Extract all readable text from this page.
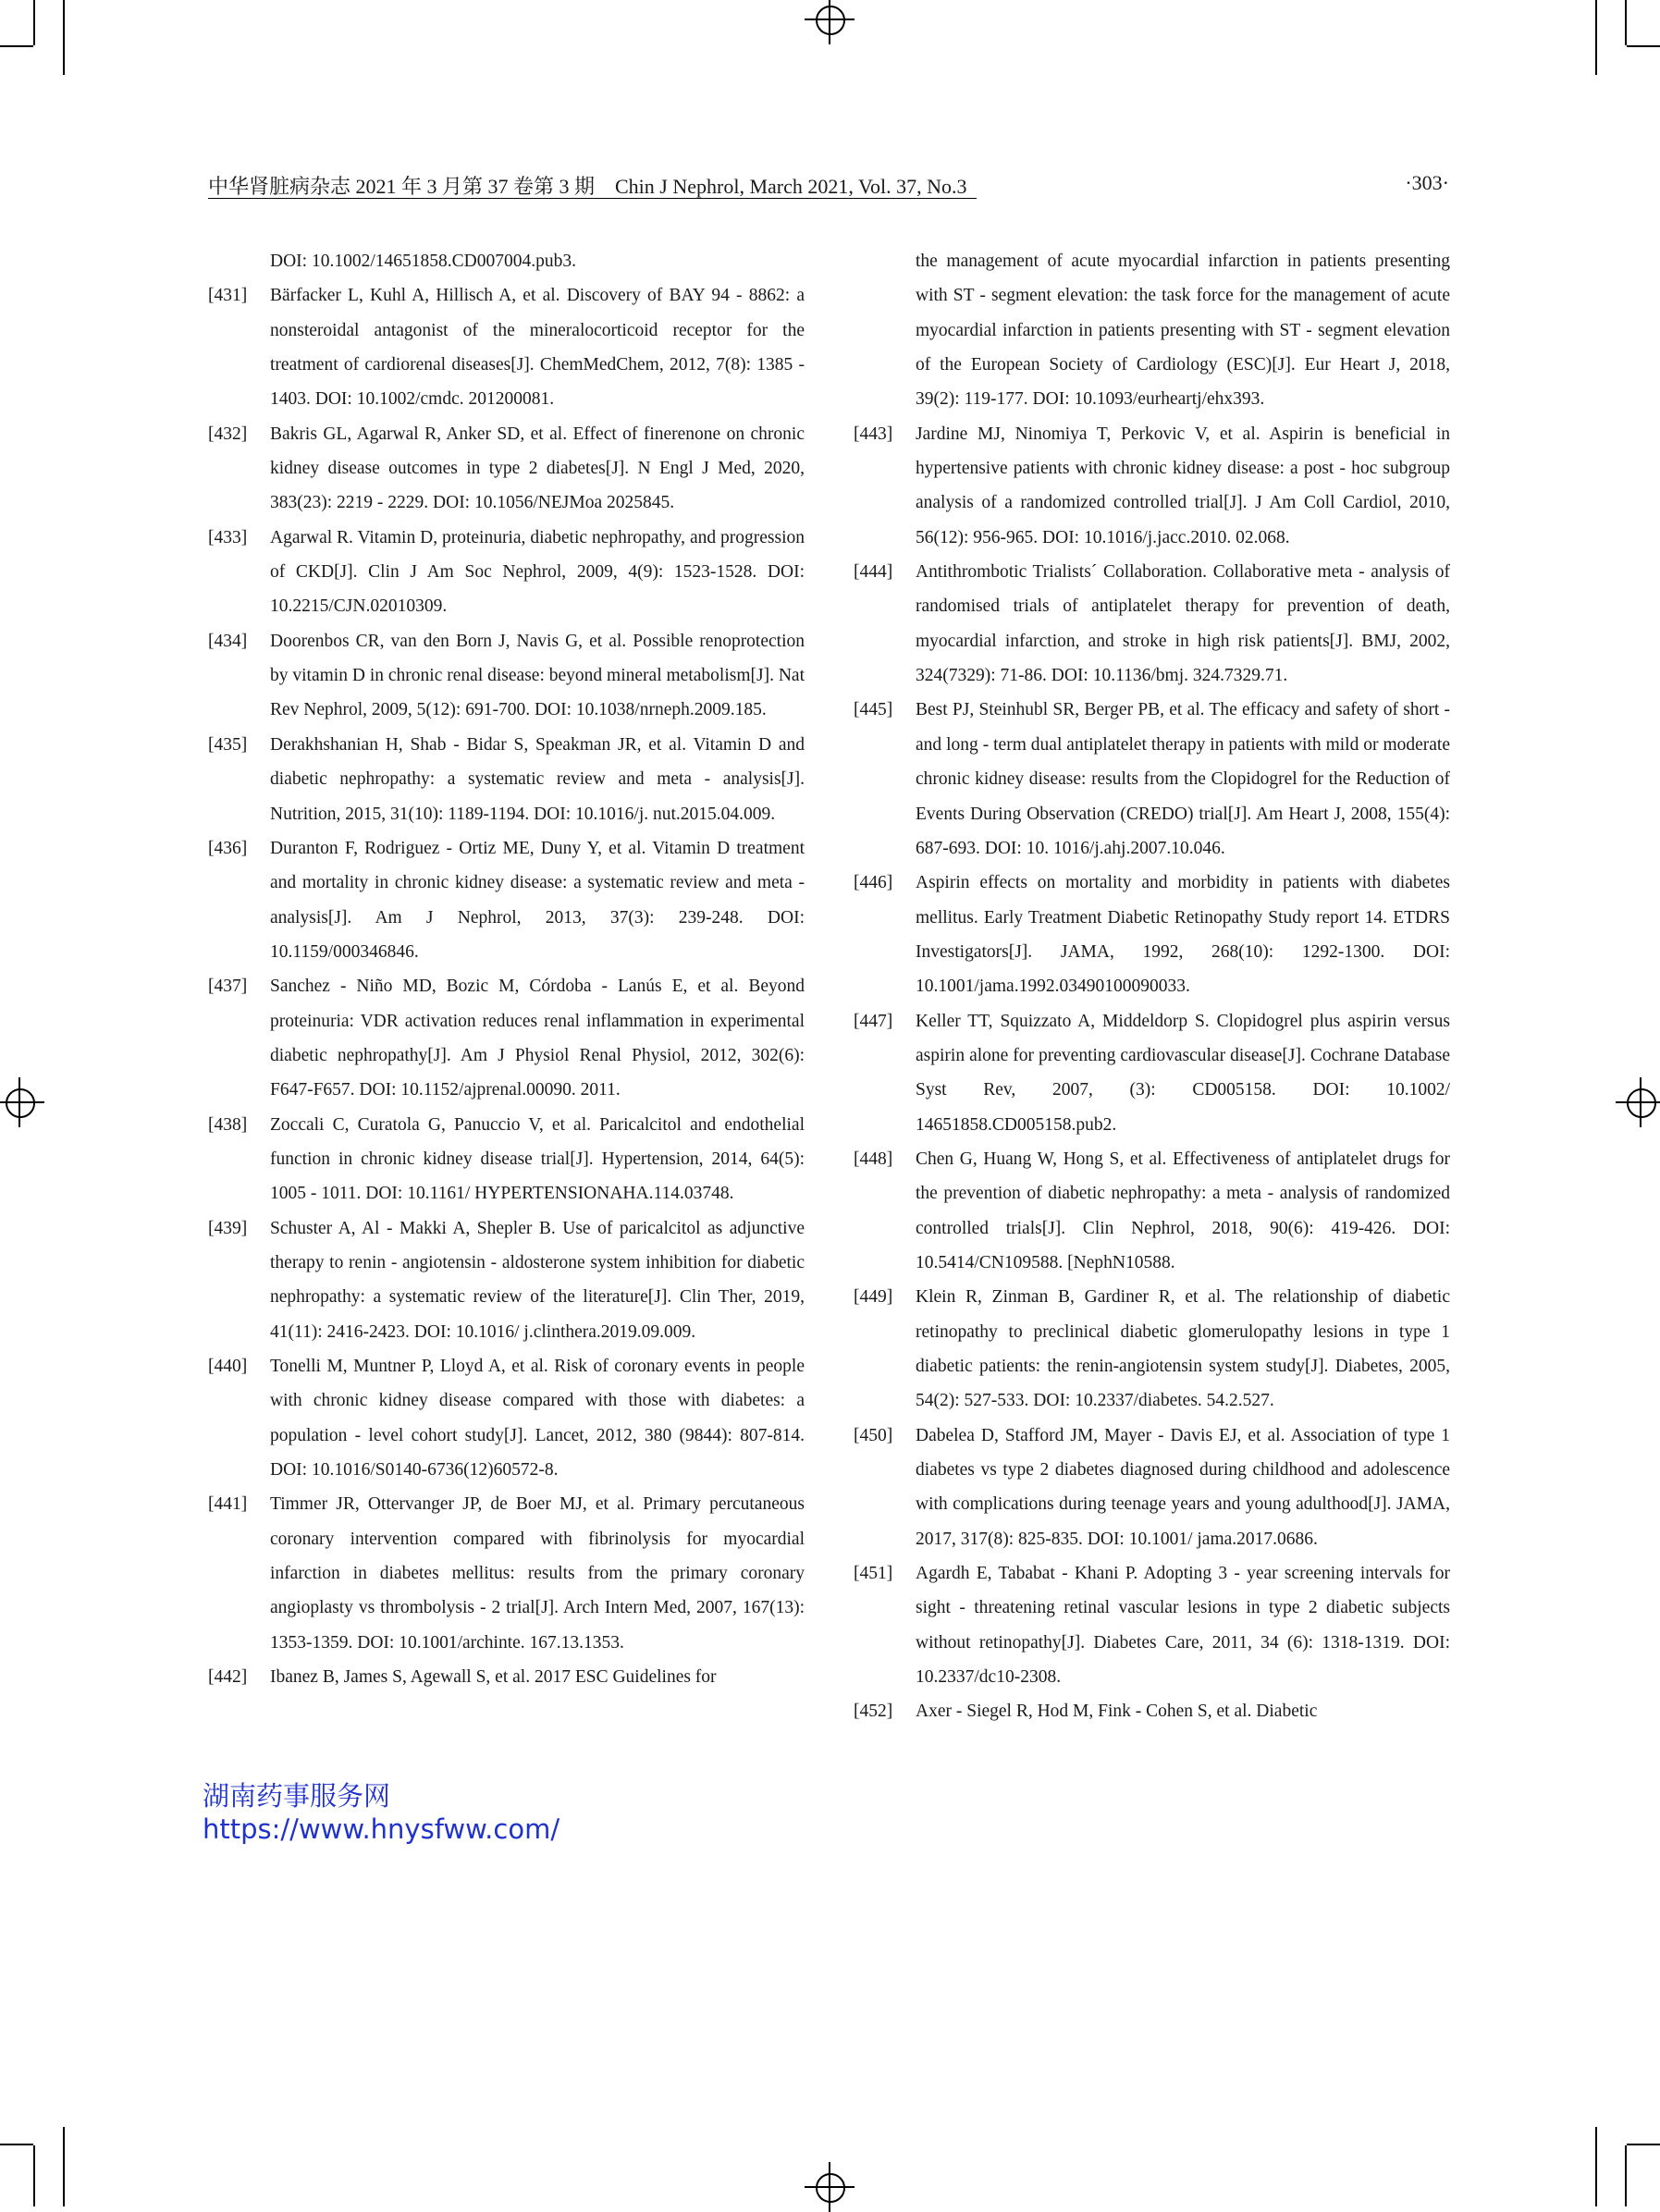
中华肾脏病杂志 2021 年 3 月第 37 卷第 3 期　Chin J Nephrol, March 2021, Vol. 37, No.3	·303·
DOI: 10.1002/14651858.CD007004.pub3.
[431] Bärfacker L, Kuhl A, Hillisch A, et al. Discovery of BAY 94 - 8862: a nonsteroidal antagonist of the mineralocorticoid receptor for the treatment of cardiorenal diseases[J]. ChemMedChem, 2012, 7(8): 1385 - 1403. DOI: 10.1002/cmdc. 201200081.
[432] Bakris GL, Agarwal R, Anker SD, et al. Effect of finerenone on chronic kidney disease outcomes in type 2 diabetes[J]. N Engl J Med, 2020, 383(23): 2219 - 2229. DOI: 10.1056/NEJMoa 2025845.
[433] Agarwal R. Vitamin D, proteinuria, diabetic nephropathy, and progression of CKD[J]. Clin J Am Soc Nephrol, 2009, 4(9): 1523-1528. DOI: 10.2215/CJN.02010309.
[434] Doorenbos CR, van den Born J, Navis G, et al. Possible renoprotection by vitamin D in chronic renal disease: beyond mineral metabolism[J]. Nat Rev Nephrol, 2009, 5(12): 691-700. DOI: 10.1038/nrneph.2009.185.
[435] Derakhshanian H, Shab - Bidar S, Speakman JR, et al. Vitamin D and diabetic nephropathy: a systematic review and meta - analysis[J]. Nutrition, 2015, 31(10): 1189-1194. DOI: 10.1016/j. nut.2015.04.009.
[436] Duranton F, Rodriguez - Ortiz ME, Duny Y, et al. Vitamin D treatment and mortality in chronic kidney disease: a systematic review and meta - analysis[J]. Am J Nephrol, 2013, 37(3): 239-248. DOI: 10.1159/000346846.
[437] Sanchez - Niño MD, Bozic M, Córdoba - Lanús E, et al. Beyond proteinuria: VDR activation reduces renal inflammation in experimental diabetic nephropathy[J]. Am J Physiol Renal Physiol, 2012, 302(6): F647-F657. DOI: 10.1152/ajprenal.00090. 2011.
[438] Zoccali C, Curatola G, Panuccio V, et al. Paricalcitol and endothelial function in chronic kidney disease trial[J]. Hypertension, 2014, 64(5): 1005 - 1011. DOI: 10.1161/ HYPERTENSIONAHA.114.03748.
[439] Schuster A, Al - Makki A, Shepler B. Use of paricalcitol as adjunctive therapy to renin - angiotensin - aldosterone system inhibition for diabetic nephropathy: a systematic review of the literature[J]. Clin Ther, 2019, 41(11): 2416-2423. DOI: 10.1016/ j.clinthera.2019.09.009.
[440] Tonelli M, Muntner P, Lloyd A, et al. Risk of coronary events in people with chronic kidney disease compared with those with diabetes: a population - level cohort study[J]. Lancet, 2012, 380 (9844): 807-814. DOI: 10.1016/S0140-6736(12)60572-8.
[441] Timmer JR, Ottervanger JP, de Boer MJ, et al. Primary percutaneous coronary intervention compared with fibrinolysis for myocardial infarction in diabetes mellitus: results from the primary coronary angioplasty vs thrombolysis - 2 trial[J]. Arch Intern Med, 2007, 167(13): 1353-1359. DOI: 10.1001/archinte. 167.13.1353.
[442] Ibanez B, James S, Agewall S, et al. 2017 ESC Guidelines for
the management of acute myocardial infarction in patients presenting with ST - segment elevation: the task force for the management of acute myocardial infarction in patients presenting with ST - segment elevation of the European Society of Cardiology (ESC)[J]. Eur Heart J, 2018, 39(2): 119-177. DOI: 10.1093/eurheartj/ehx393.
[443] Jardine MJ, Ninomiya T, Perkovic V, et al. Aspirin is beneficial in hypertensive patients with chronic kidney disease: a post - hoc subgroup analysis of a randomized controlled trial[J]. J Am Coll Cardiol, 2010, 56(12): 956-965. DOI: 10.1016/j.jacc.2010. 02.068.
[444] Antithrombotic Trialists´ Collaboration. Collaborative meta - analysis of randomised trials of antiplatelet therapy for prevention of death, myocardial infarction, and stroke in high risk patients[J]. BMJ, 2002, 324(7329): 71-86. DOI: 10.1136/bmj. 324.7329.71.
[445] Best PJ, Steinhubl SR, Berger PB, et al. The efficacy and safety of short - and long - term dual antiplatelet therapy in patients with mild or moderate chronic kidney disease: results from the Clopidogrel for the Reduction of Events During Observation (CREDO) trial[J]. Am Heart J, 2008, 155(4): 687-693. DOI: 10. 1016/j.ahj.2007.10.046.
[446] Aspirin effects on mortality and morbidity in patients with diabetes mellitus. Early Treatment Diabetic Retinopathy Study report 14. ETDRS Investigators[J]. JAMA, 1992, 268(10): 1292-1300. DOI: 10.1001/jama.1992.03490100090033.
[447] Keller TT, Squizzato A, Middeldorp S. Clopidogrel plus aspirin versus aspirin alone for preventing cardiovascular disease[J]. Cochrane Database Syst Rev, 2007, (3): CD005158. DOI: 10.1002/ 14651858.CD005158.pub2.
[448] Chen G, Huang W, Hong S, et al. Effectiveness of antiplatelet drugs for the prevention of diabetic nephropathy: a meta - analysis of randomized controlled trials[J]. Clin Nephrol, 2018, 90(6): 419-426. DOI: 10.5414/CN109588. [NephN10588.
[449] Klein R, Zinman B, Gardiner R, et al. The relationship of diabetic retinopathy to preclinical diabetic glomerulopathy lesions in type 1 diabetic patients: the renin-angiotensin system study[J]. Diabetes, 2005, 54(2): 527-533. DOI: 10.2337/diabetes. 54.2.527.
[450] Dabelea D, Stafford JM, Mayer - Davis EJ, et al. Association of type 1 diabetes vs type 2 diabetes diagnosed during childhood and adolescence with complications during teenage years and young adulthood[J]. JAMA, 2017, 317(8): 825-835. DOI: 10.1001/ jama.2017.0686.
[451] Agardh E, Tababat - Khani P. Adopting 3 - year screening intervals for sight - threatening retinal vascular lesions in type 2 diabetic subjects without retinopathy[J]. Diabetes Care, 2011, 34 (6): 1318-1319. DOI: 10.2337/dc10-2308.
[452] Axer - Siegel R, Hod M, Fink - Cohen S, et al. Diabetic
湖南药事服务网
https://www.hnysfww.com/
